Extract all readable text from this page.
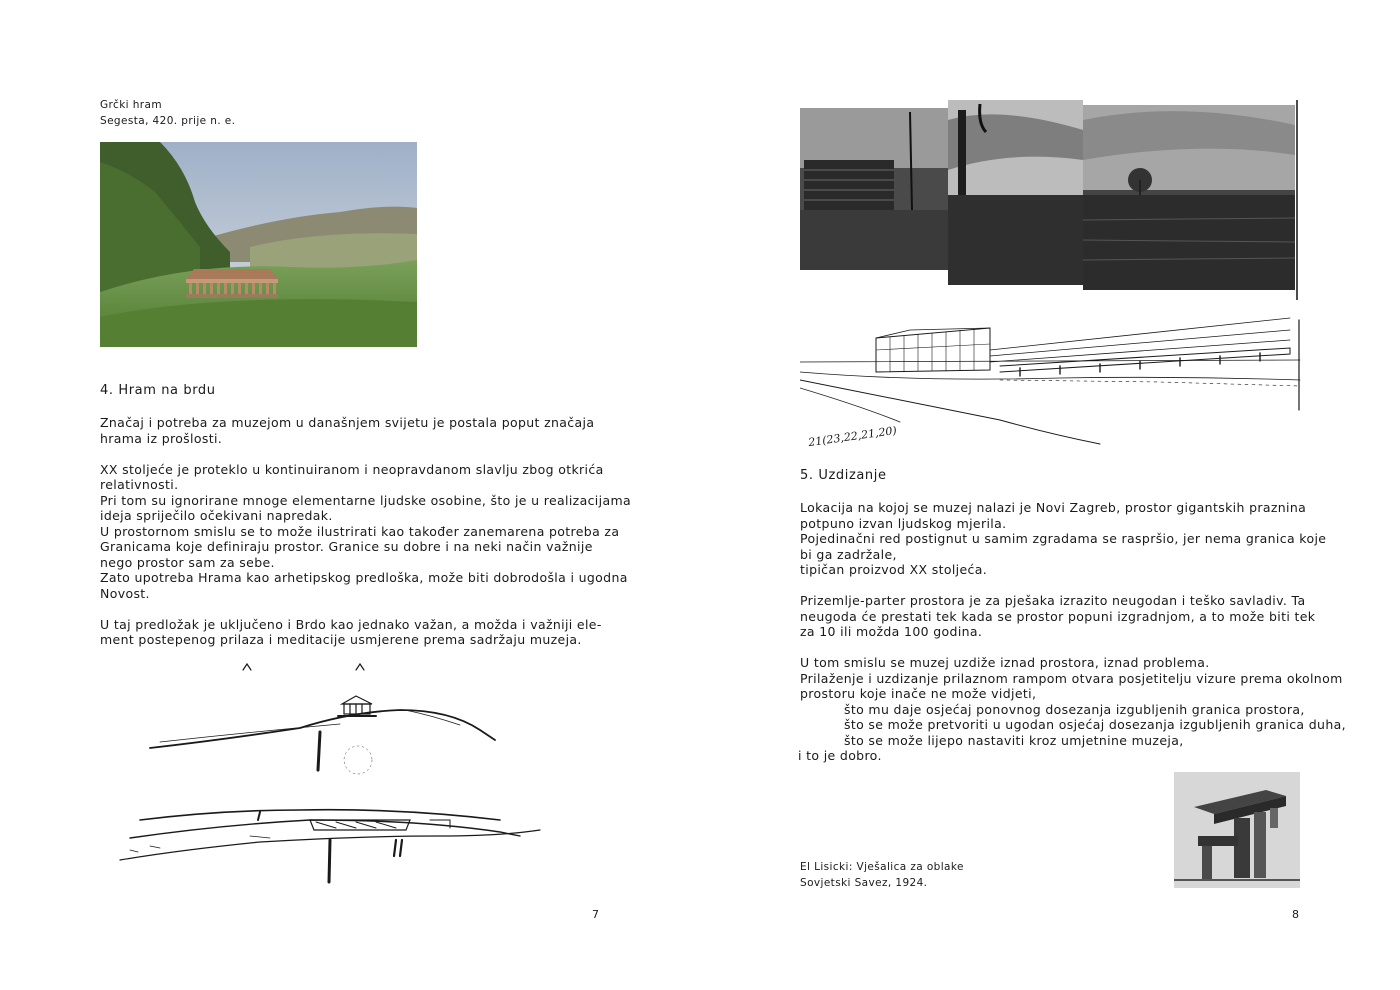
Grčki hram
Segesta, 420. prije n. e.
4. Hram na brdu

Značaj i potreba za muzejom u današnjem svijetu je postala poput značaja
hrama iz prošlosti.

XX stoljeće je proteklo u kontinuiranom i neopravdanom slavlju zbog otkrića
relativnosti.
Pri tom su ignorirane mnoge elementarne ljudske osobine, što je u realizacijama
ideja spriječilo očekivani napredak.
U prostornom smislu se to može ilustrirati kao također zanemarena potreba za
Granicama koje definiraju prostor. Granice su dobre i na neki način važnije
nego prostor sam za sebe.
Zato upotreba Hrama kao arhetipskog predloška, može biti dobrodošla i ugodna
Novost.

U taj predložak je uključeno i Brdo kao jednako važan, a možda i važniji ele-
ment postepenog prilaza i meditacije usmjerene prema sadržaju muzeja.

7
21(23,22,21,20)
5. Uzdizanje

Lokacija na kojoj se muzej nalazi je Novi Zagreb, prostor gigantskih praznina
potpuno izvan ljudskog mjerila.
Pojedinačni red postignut u samim zgradama se raspršio, jer nema granica koje
bi ga zadržale,
tipičan proizvod XX stoljeća.

Prizemlje-parter prostora je za pješaka izrazito neugodan i teško savladiv. Ta
neugoda će prestati tek kada se prostor popuni izgradnjom, a to može biti tek
za 10 ili možda 100 godina.

U tom smislu se muzej uzdiže iznad prostora, iznad problema.
Prilaženje i uzdizanje prilaznom rampom otvara posjetitelju vizure prema okolnom
prostoru koje inače ne može vidjeti,
što mu daje osjećaj ponovnog dosezanja izgubljenih granica prostora,
što se može pretvoriti u ugodan osjećaj dosezanja izgubljenih granica duha,
što se može lijepo nastaviti kroz umjetnine muzeja,
i to je dobro.

El Lisicki: Vješalica za oblake
Sovjetski Savez, 1924.
8
